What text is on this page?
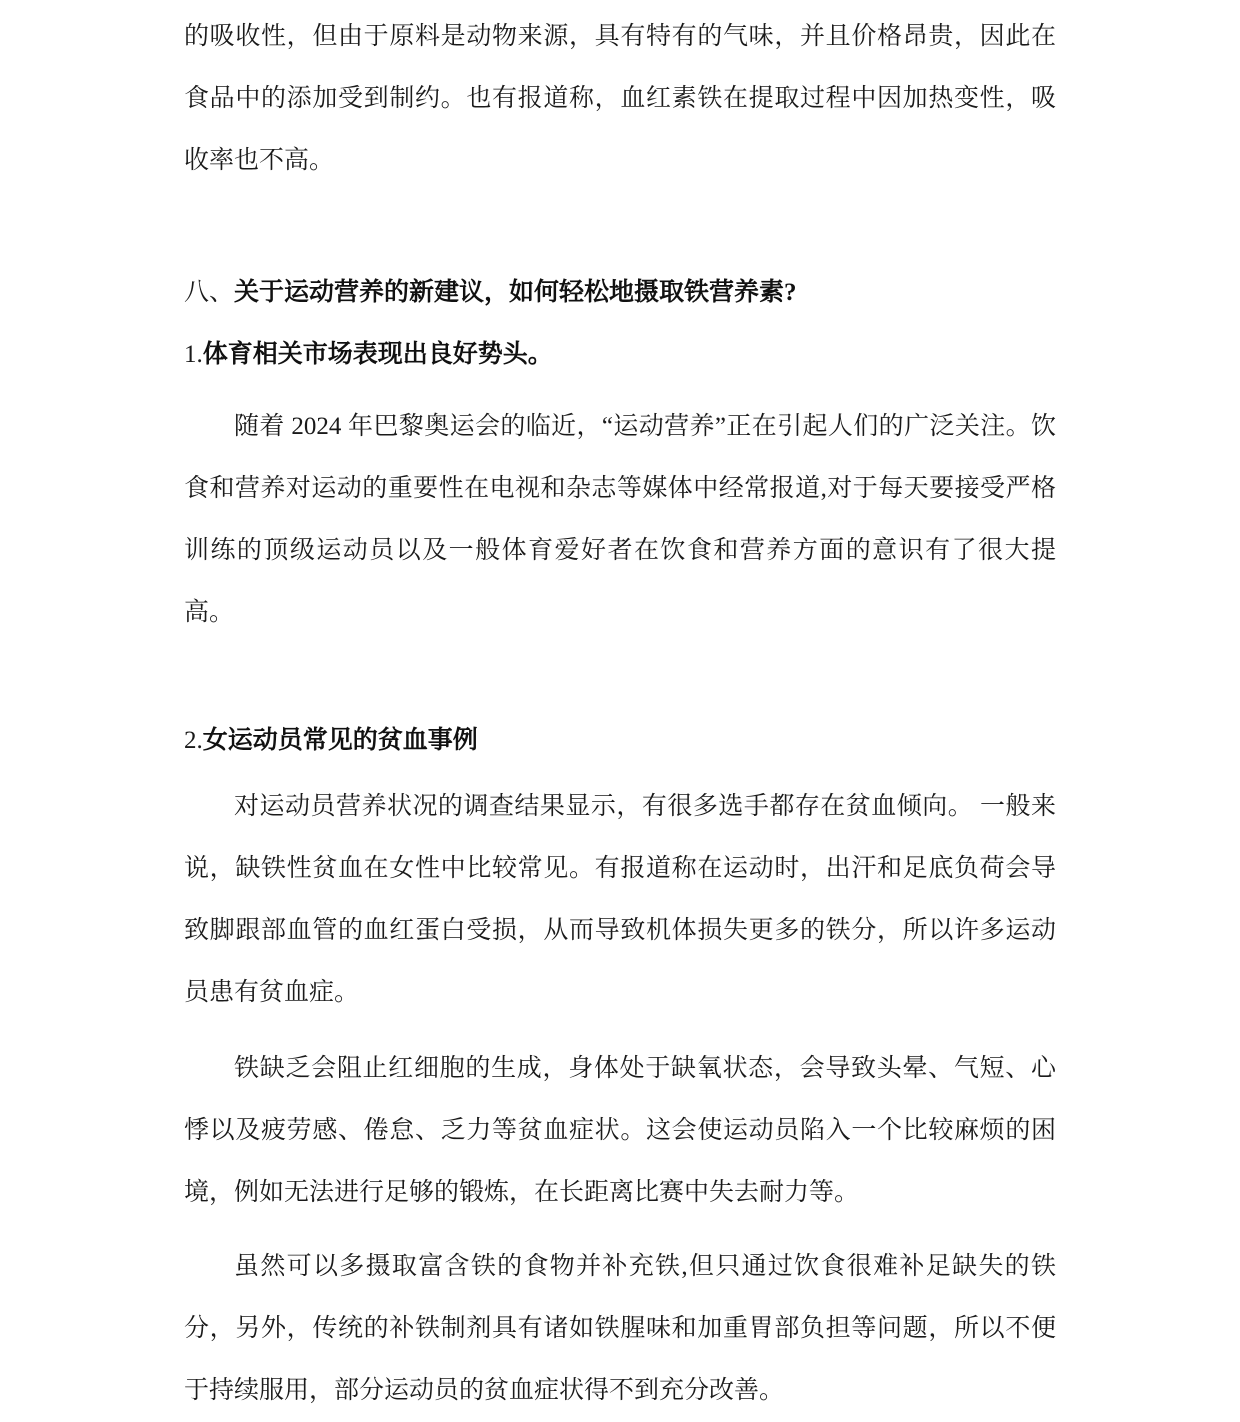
的吸收性，但由于原料是动物来源，具有特有的气味，并且价格昂贵，因此在食品中的添加受到制约。也有报道称，血红素铁在提取过程中因加热变性，吸收率也不高。

八、关于运动营养的新建议，如何轻松地摄取铁营养素?

1.体育相关市场表现出良好势头。

随着 2024 年巴黎奥运会的临近，“运动营养”正在引起人们的广泛关注。饮食和营养对运动的重要性在电视和杂志等媒体中经常报道,对于每天要接受严格训练的顶级运动员以及一般体育爱好者在饮食和营养方面的意识有了很大提高。

2.女运动员常见的贫血事例

对运动员营养状况的调查结果显示，有很多选手都存在贫血倾向。 一般来说，缺铁性贫血在女性中比较常见。有报道称在运动时，出汗和足底负荷会导致脚跟部血管的血红蛋白受损，从而导致机体损失更多的铁分，所以许多运动员患有贫血症。

铁缺乏会阻止红细胞的生成，身体处于缺氧状态，会导致头晕、气短、心悸以及疲劳感、倦怠、乏力等贫血症状。这会使运动员陷入一个比较麻烦的困境，例如无法进行足够的锻炼，在长距离比赛中失去耐力等。

虽然可以多摄取富含铁的食物并补充铁,但只通过饮食很难补足缺失的铁分，另外，传统的补铁制剂具有诸如铁腥味和加重胃部负担等问题，所以不便于持续服用，部分运动员的贫血症状得不到充分改善。
